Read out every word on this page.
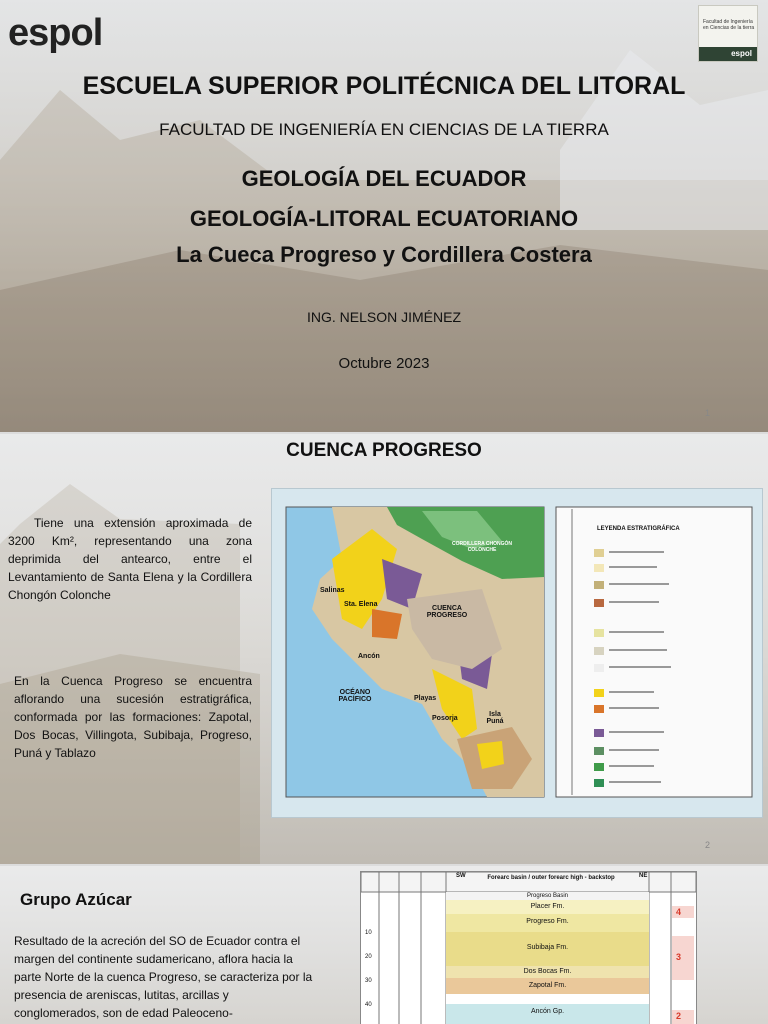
espol	Facultad de Ingeniería en Ciencias de la tierra
espol
ESCUELA SUPERIOR POLITÉCNICA DEL LITORAL
FACULTAD DE INGENIERÍA EN CIENCIAS DE LA TIERRA
GEOLOGÍA DEL ECUADOR
GEOLOGÍA-LITORAL ECUATORIANO
La Cueca Progreso y Cordillera Costera
ING. NELSON JIMÉNEZ
Octubre 2023
1
CUENCA PROGRESO
Tiene una extensión aproximada de 3200 Km², representando una zona deprimida del antearco, entre el Levantamiento de Santa Elena y la Cordillera Chongón Colonche
En la Cuenca Progreso se encuentra aflorando una sucesión estratigráfica, conformada por las formaciones: Zapotal, Dos Bocas, Villingota, Subibaja, Progreso, Puná y Tablazo
LEYENDA ESTRATIGRÁFICA
Salinas
Sta. Elena
Ancón
CUENCA PROGRESO
OCÉANO PACÍFICO	Playas
Posorja
Isla Puná
CORDILLERA CHONGÓN COLONCHE
2
Grupo Azúcar
Resultado de la acreción del SO de Ecuador contra el margen del continente sudamericano, aflora hacia la parte Norte de la cuenca Progreso, se caracteriza por la presencia de areniscas, lutitas, arcillas y conglomerados, son de edad Paleoceno-
SW	NE
Forearc basin / outer forearc high - backstop
Progreso Basin
Placer Fm.
Progreso Fm.
Subibaja Fm.
Dos Bocas Fm.
Zapotal Fm.
Ancón Gp.
10
20
30
40
4
3
2
